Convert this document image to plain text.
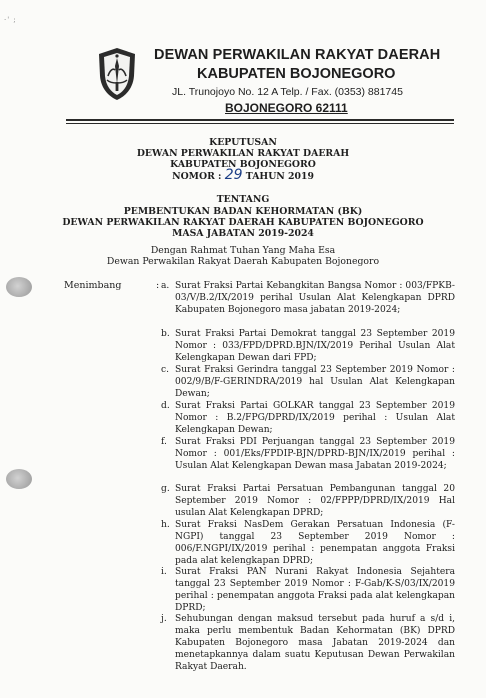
·' ;
DEWAN PERWAKILAN RAKYAT DAERAH
KABUPATEN BOJONEGORO
JL. Trunojoyo No. 12 A Telp. / Fax. (0353) 881745
BOJONEGORO 62111
KEPUTUSAN
DEWAN PERWAKILAN RAKYAT DAERAH
KABUPATEN BOJONEGORO
NOMOR : 29 TAHUN 2019
TENTANG
PEMBENTUKAN BADAN KEHORMATAN (BK)
DEWAN PERWAKILAN RAKYAT DAERAH KABUPATEN BOJONEGORO
MASA JABATAN 2019-2024
Dengan Rahmat Tuhan Yang Maha Esa
Dewan Perwakilan Rakyat Daerah Kabupaten Bojonegoro
Menimbang	: a. Surat Fraksi Partai Kebangkitan Bangsa Nomor : 003/FPKB-03/V/B.2/IX/2019 perihal Usulan Alat Kelengkapan DPRD Kabupaten Bojonegoro masa jabatan 2019-2024;
b. Surat Fraksi Partai Demokrat tanggal 23 September 2019 Nomor : 033/FPD/DPRD.BJN/IX/2019 Perihal Usulan Alat Kelengkapan Dewan dari FPD;
c. Surat Fraksi Gerindra tanggal 23 September 2019 Nomor : 002/9/B/F-GERINDRA/2019 hal Usulan Alat Kelengkapan Dewan;
d. Surat Fraksi Partai GOLKAR tanggal 23 September 2019 Nomor : B.2/FPG/DPRD/IX/2019 perihal : Usulan Alat Kelengkapan Dewan;
f. Surat Fraksi PDI Perjuangan tanggal 23 September 2019 Nomor : 001/Eks/FPDIP-BJN/DPRD-BJN/IX/2019 perihal : Usulan Alat Kelengkapan Dewan masa Jabatan 2019-2024;
g. Surat Fraksi Partai Persatuan Pembangunan tanggal 20 September 2019 Nomor : 02/FPPP/DPRD/IX/2019 Hal usulan Alat Kelengkapan DPRD;
h. Surat Fraksi NasDem Gerakan Persatuan Indonesia (F-NGPI) tanggal 23 September 2019 Nomor : 006/F.NGPI/IX/2019 perihal : penempatan anggota Fraksi pada alat kelengkapan DPRD;
i. Surat Fraksi PAN Nurani Rakyat Indonesia Sejahtera tanggal 23 September 2019 Nomor : F-Gab/K-S/03/IX/2019 perihal : penempatan anggota Fraksi pada alat kelengkapan DPRD;
j. Sehubungan dengan maksud tersebut pada huruf a s/d i, maka perlu membentuk Badan Kehormatan (BK) DPRD Kabupaten Bojonegoro masa Jabatan 2019-2024 dan menetapkannya dalam suatu Keputusan Dewan Perwakilan Rakyat Daerah.
